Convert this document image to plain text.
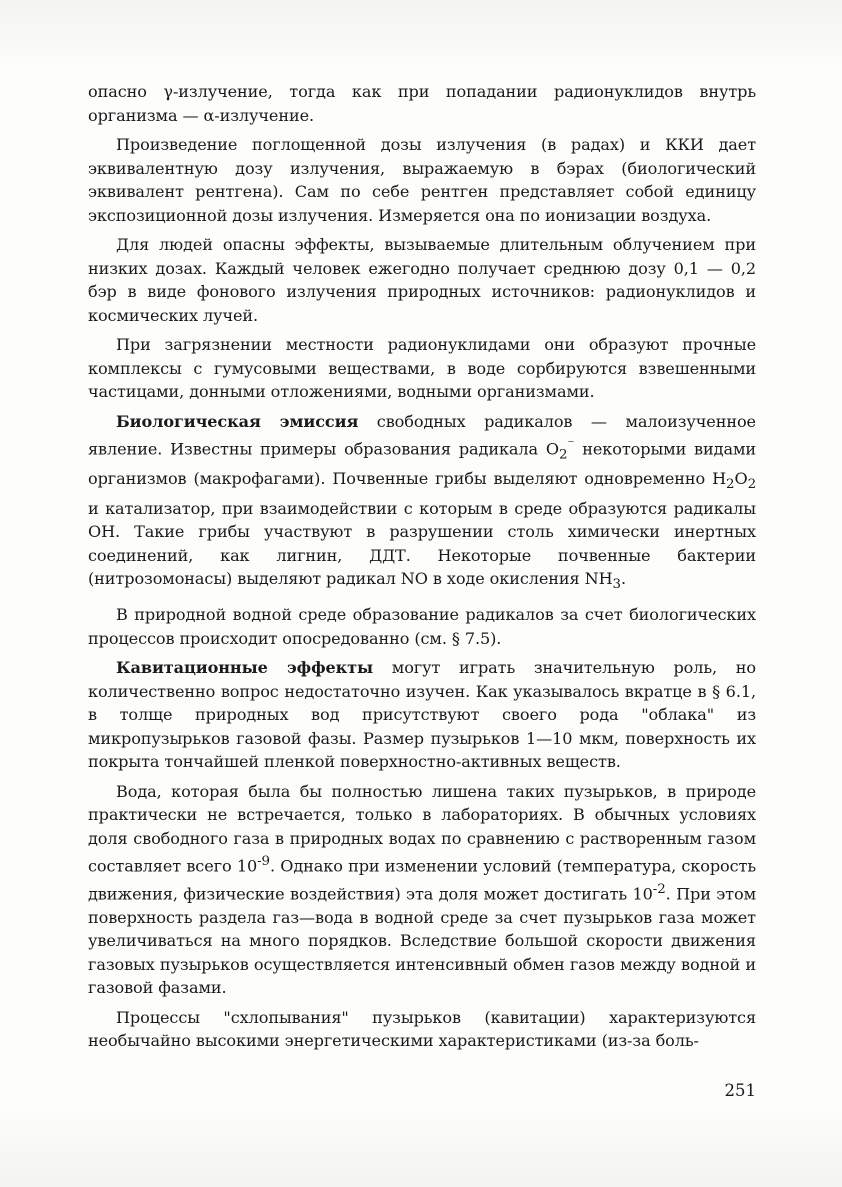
опасно γ-излучение, тогда как при попадании радионуклидов внутрь организма — α-излучение.

Произведение поглощенной дозы излучения (в радах) и ККИ дает эквивалентную дозу излучения, выражаемую в бэрах (биологический эквивалент рентгена). Сам по себе рентген представляет собой единицу экспозиционной дозы излучения. Измеряется она по ионизации воздуха.

Для людей опасны эффекты, вызываемые длительным облучением при низких дозах. Каждый человек ежегодно получает среднюю дозу 0,1 — 0,2 бэр в виде фонового излучения природных источников: радионуклидов и космических лучей.

При загрязнении местности радионуклидами они образуют прочные комплексы с гумусовыми веществами, в воде сорбируются взвешенными частицами, донными отложениями, водными организмами.

Биологическая эмиссия свободных радикалов — малоизученное явление. Известны примеры образования радикала $O_2^{^-}$ некоторыми видами организмов (макрофагами). Почвенные грибы выделяют одновременно $H_2O_2$ и катализатор, при взаимодействии с которым в среде образуются радикалы OH. Такие грибы участвуют в разрушении столь химически инертных соединений, как лигнин, ДДТ. Некоторые почвенные бактерии (нитрозомонасы) выделяют радикал NO в ходе окисления $NH_3$.

В природной водной среде образование радикалов за счет биологических процессов происходит опосредованно (см. § 7.5).

Кавитационные эффекты могут играть значительную роль, но количественно вопрос недостаточно изучен. Как указывалось вкратце в § 6.1, в толще природных вод присутствуют своего рода "облака" из микропузырьков газовой фазы. Размер пузырьков 1—10 мкм, поверхность их покрыта тончайшей пленкой поверхностно-активных веществ.

Вода, которая была бы полностью лишена таких пузырьков, в природе практически не встречается, только в лабораториях. В обычных условиях доля свободного газа в природных водах по сравнению с растворенным газом составляет всего $10^{-9}$. Однако при изменении условий (температура, скорость движения, физические воздействия) эта доля может достигать $10^{-2}$. При этом поверхность раздела газ—вода в водной среде за счет пузырьков газа может увеличиваться на много порядков. Вследствие большой скорости движения газовых пузырьков осуществляется интенсивный обмен газов между водной и газовой фазами.

Процессы "схлопывания" пузырьков (кавитации) характеризуются необычайно высокими энергетическими характеристиками (из-за боль-

251
